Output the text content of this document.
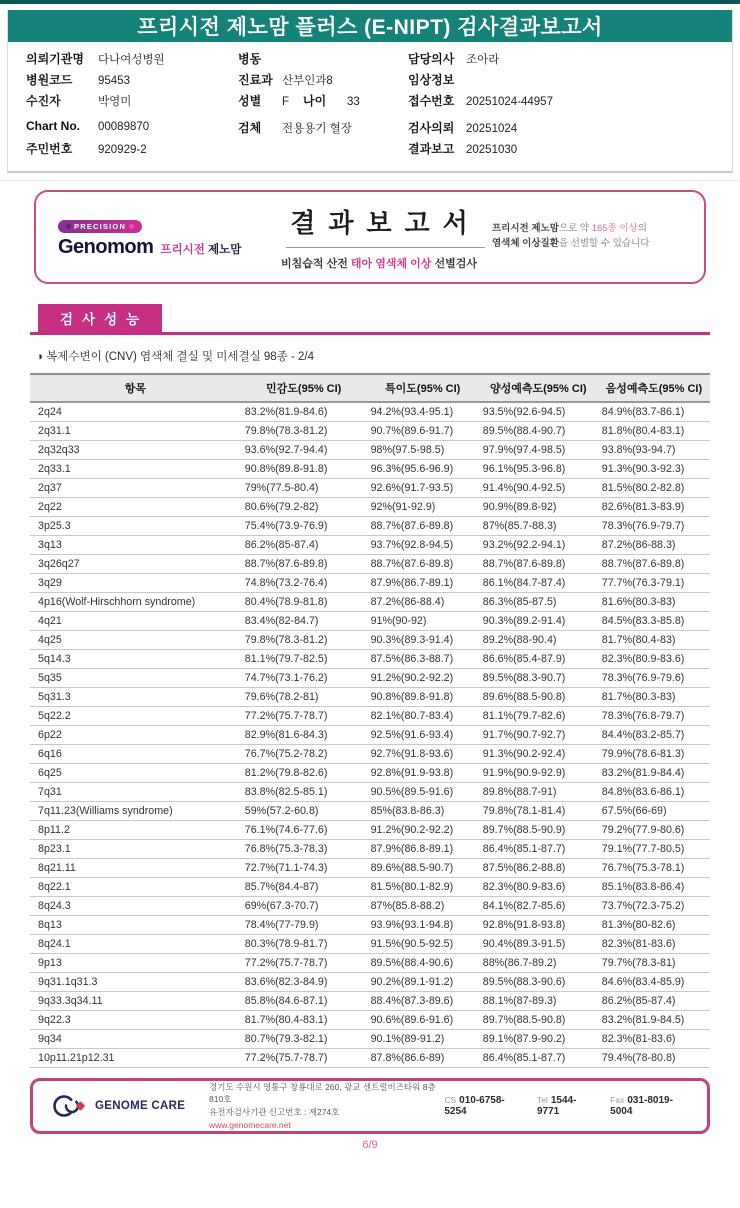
프리시전 제노맘 플러스 (E-NIPT) 검사결과보고서
의뢰기관명	다나여성병원
병원코드	95453
수진자	박영미
Chart No.	00089870
주민번호	920929-2
병동
진료과 산부인과8
성별	F 나이	33
검체	전용용기 혈장
담당의사	조아라
임상정보
접수번호	20251024-44957
검사의뢰	20251024
결과보고	20251030
PRECISION
Genomom 프리시전 제노맘
결과보고서
비침습적 산전 태아 염색체 이상 선별검사
프리시전 제노맘으로 약 165종 이상의
염색체 이상질환을 선별할 수 있습니다
검사성능
◑ 복제수변이 (CNV) 염색체 결실 및 미세결실 98종 - 2/4
항목	민감도(95% CI)	특이도(95% CI)	양성예측도(95% CI)	음성예측도(95% CI)
2q24	83.2%(81.9-84.6)	94.2%(93.4-95.1)	93.5%(92.6-94.5)	84.9%(83.7-86.1)
2q31.1	79.8%(78.3-81.2)	90.7%(89.6-91.7)	89.5%(88.4-90.7)	81.8%(80.4-83.1)
2q32q33	93.6%(92.7-94.4)	98%(97.5-98.5)	97.9%(97.4-98.5)	93.8%(93-94.7)
2q33.1	90.8%(89.8-91.8)	96.3%(95.6-96.9)	96.1%(95.3-96.8)	91.3%(90.3-92.3)
2q37	79%(77.5-80.4)	92.6%(91.7-93.5)	91.4%(90.4-92.5)	81.5%(80.2-82.8)
2q22	80.6%(79.2-82)	92%(91-92.9)	90.9%(89.8-92)	82.6%(81.3-83.9)
3p25.3	75.4%(73.9-76.9)	88.7%(87.6-89.8)	87%(85.7-88.3)	78.3%(76.9-79.7)
3q13	86.2%(85-87.4)	93.7%(92.8-94.5)	93.2%(92.2-94.1)	87.2%(86-88.3)
3q26q27	88.7%(87.6-89.8)	88.7%(87.6-89.8)	88.7%(87.6-89.8)	88.7%(87.6-89.8)
3q29	74.8%(73.2-76.4)	87.9%(86.7-89.1)	86.1%(84.7-87.4)	77.7%(76.3-79.1)
4p16(Wolf-Hirschhorn syndrome)	80.4%(78.9-81.8)	87.2%(86-88.4)	86.3%(85-87.5)	81.6%(80.3-83)
4q21	83.4%(82-84.7)	91%(90-92)	90.3%(89.2-91.4)	84.5%(83.3-85.8)
4q25	79.8%(78.3-81.2)	90.3%(89.3-91.4)	89.2%(88-90.4)	81.7%(80.4-83)
5q14.3	81.1%(79.7-82.5)	87.5%(86.3-88.7)	86.6%(85.4-87.9)	82.3%(80.9-83.6)
5q35	74.7%(73.1-76.2)	91.2%(90.2-92.2)	89.5%(88.3-90.7)	78.3%(76.9-79.6)
5q31.3	79.6%(78.2-81)	90.8%(89.8-91.8)	89.6%(88.5-90.8)	81.7%(80.3-83)
5q22.2	77.2%(75.7-78.7)	82.1%(80.7-83.4)	81.1%(79.7-82.6)	78.3%(76.8-79.7)
6p22	82.9%(81.6-84.3)	92.5%(91.6-93.4)	91.7%(90.7-92.7)	84.4%(83.2-85.7)
6q16	76.7%(75.2-78.2)	92.7%(91.8-93.6)	91.3%(90.2-92.4)	79.9%(78.6-81.3)
6q25	81.2%(79.8-82.6)	92.8%(91.9-93.8)	91.9%(90.9-92.9)	83.2%(81.9-84.4)
7q31	83.8%(82.5-85.1)	90.5%(89.5-91.6)	89.8%(88.7-91)	84.8%(83.6-86.1)
7q11.23(Williams syndrome)	59%(57.2-60.8)	85%(83.8-86.3)	79.8%(78.1-81.4)	67.5%(66-69)
8p11.2	76.1%(74.6-77.6)	91.2%(90.2-92.2)	89.7%(88.5-90.9)	79.2%(77.9-80.6)
8p23.1	76.8%(75.3-78.3)	87.9%(86.8-89.1)	86.4%(85.1-87.7)	79.1%(77.7-80.5)
8q21.11	72.7%(71.1-74.3)	89.6%(88.5-90.7)	87.5%(86.2-88.8)	76.7%(75.3-78.1)
8q22.1	85.7%(84.4-87)	81.5%(80.1-82.9)	82.3%(80.9-83.6)	85.1%(83.8-86.4)
8q24.3	69%(67.3-70.7)	87%(85.8-88.2)	84.1%(82.7-85.6)	73.7%(72.3-75.2)
8q13	78.4%(77-79.9)	93.9%(93.1-94.8)	92.8%(91.8-93.8)	81.3%(80-82.6)
8q24.1	80.3%(78.9-81.7)	91.5%(90.5-92.5)	90.4%(89.3-91.5)	82.3%(81-83.6)
9p13	77.2%(75.7-78.7)	89.5%(88.4-90.6)	88%(86.7-89.2)	79.7%(78.3-81)
9q31.1q31.3	83.6%(82.3-84.9)	90.2%(89.1-91.2)	89.5%(88.3-90.6)	84.6%(83.4-85.9)
9q33.3q34.11	85.8%(84.6-87.1)	88.4%(87.3-89.6)	88.1%(87-89.3)	86.2%(85-87.4)
9q22.3	81.7%(80.4-83.1)	90.6%(89.6-91.6)	89.7%(88.5-90.8)	83.2%(81.9-84.5)
9q34	80.7%(79.3-82.1)	90.1%(89-91.2)	89.1%(87.9-90.2)	82.3%(81-83.6)
10p11.21p12.31	77.2%(75.7-78.7)	87.8%(86.6-89)	86.4%(85.1-87.7)	79.4%(78-80.8)
GENOME CARE
경기도 수원시 영통구 창룡대로 260, 광교 센트럴비즈타워 8층 810호
유전자검사기관 신고번호 : 제274호
www.genomecare.net
CS 010-6758-5254
Tel 1544-9771
Fax 031-8019-5004
6/9
